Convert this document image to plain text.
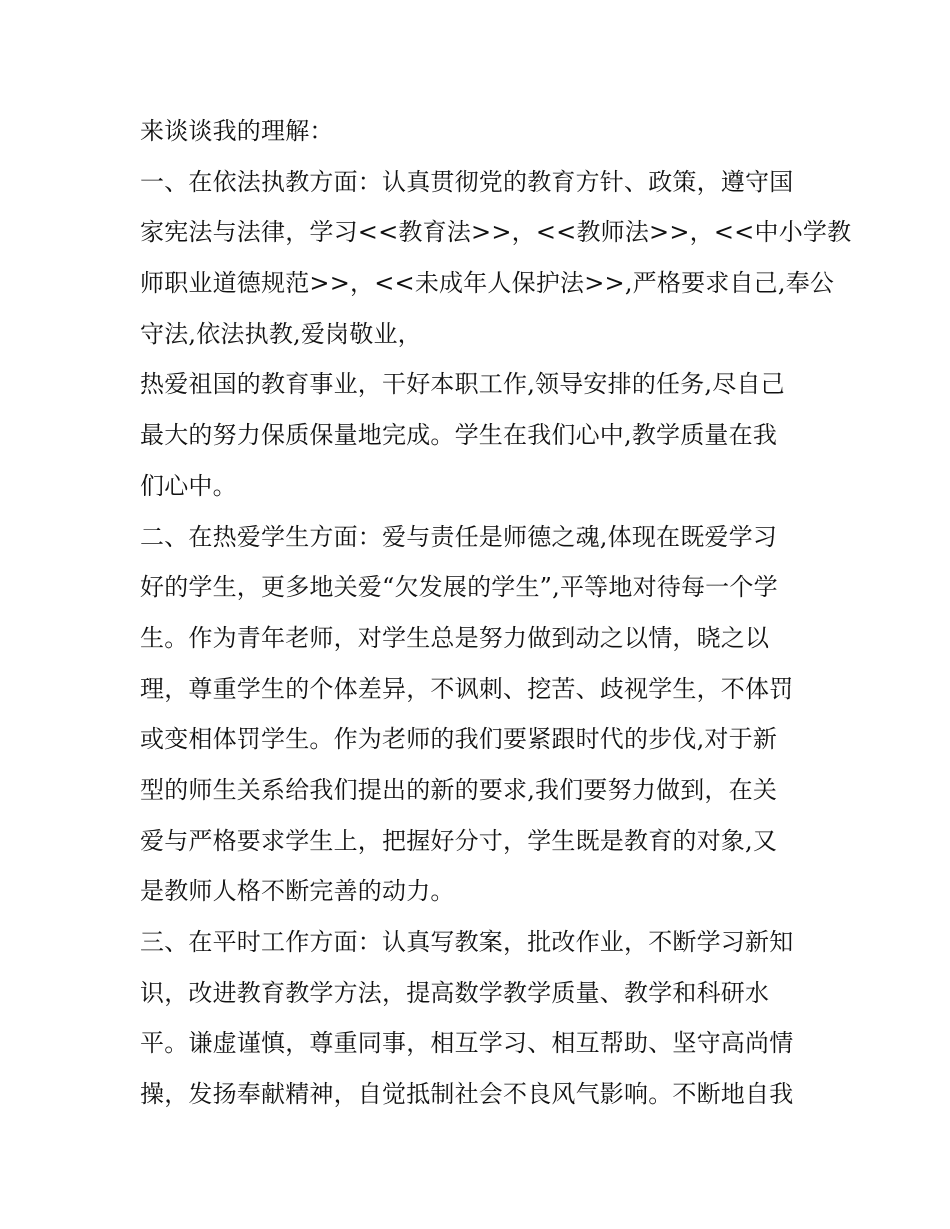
来谈谈我的理解：
一、在依法执教方面：认真贯彻党的教育方针、政策，遵守国
家宪法与法律，学习<<教育法>>，<<教师法>>，<<中小学教
师职业道德规范>>，<<未成年人保护法>>,严格要求自己,奉公
守法,依法执教,爱岗敬业，
热爱祖国的教育事业，干好本职工作,领导安排的任务,尽自己
最大的努力保质保量地完成。学生在我们心中,教学质量在我
们心中。
二、在热爱学生方面：爱与责任是师德之魂,体现在既爱学习
好的学生，更多地关爱“欠发展的学生”,平等地对待每一个学
生。作为青年老师，对学生总是努力做到动之以情，晓之以
理，尊重学生的个体差异，不讽刺、挖苦、歧视学生，不体罚
或变相体罚学生。作为老师的我们要紧跟时代的步伐,对于新
型的师生关系给我们提出的新的要求,我们要努力做到，在关
爱与严格要求学生上，把握好分寸，学生既是教育的对象,又
是教师人格不断完善的动力。
三、在平时工作方面：认真写教案，批改作业，不断学习新知
识，改进教育教学方法，提高数学教学质量、教学和科研水
平。谦虚谨慎，尊重同事，相互学习、相互帮助、坚守高尚情
操，发扬奉献精神，自觉抵制社会不良风气影响。不断地自我
